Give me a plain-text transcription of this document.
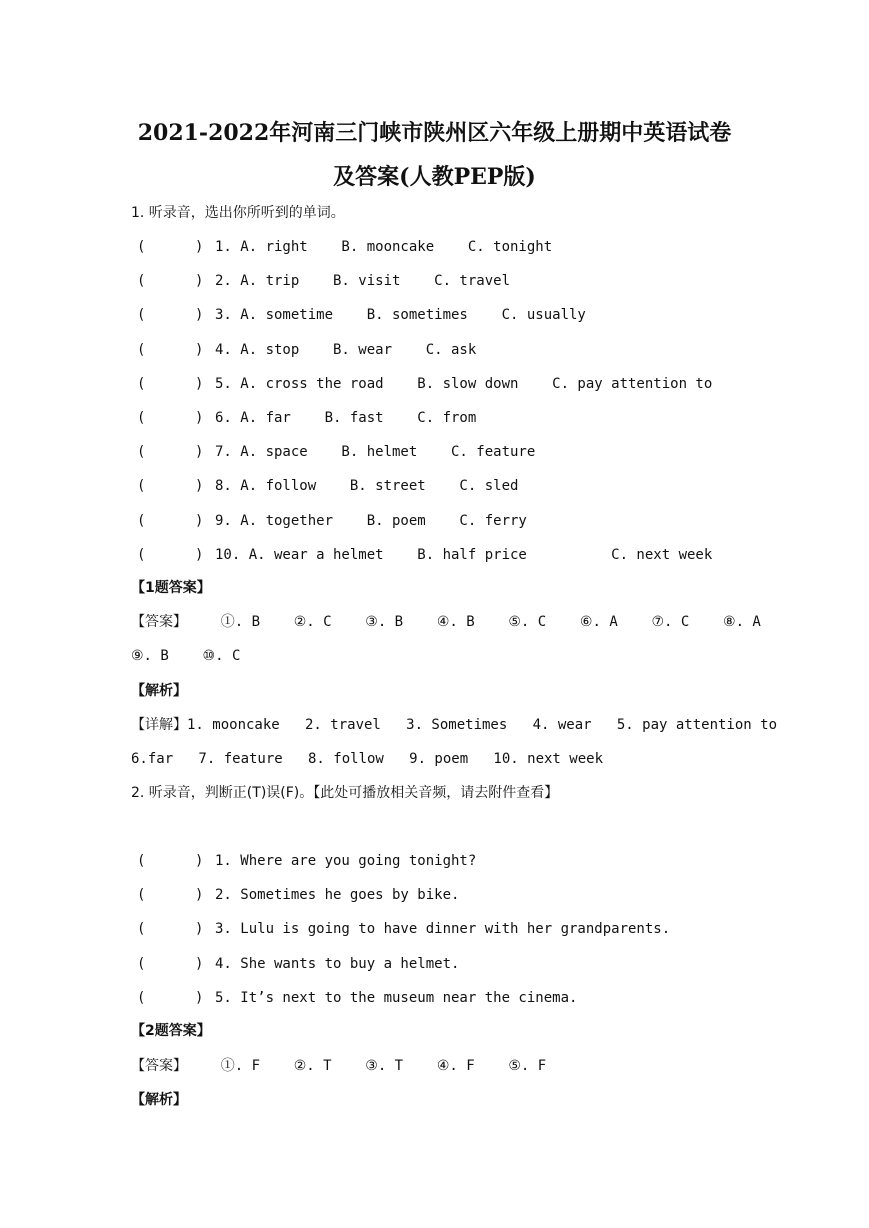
2021-2022年河南三门峡市陕州区六年级上册期中英语试卷
及答案(人教PEP版)
1. 听录音，选出你所听到的单词。
(	) 1. A. right    B. mooncake    C. tonight
(	) 2. A. trip    B. visit    C. travel
(	) 3. A. sometime    B. sometimes    C. usually
(	) 4. A. stop    B. wear    C. ask
(	) 5. A. cross the road    B. slow down    C. pay attention to
(	) 6. A. far    B. fast    C. from
(	) 7. A. space    B. helmet    C. feature
(	) 8. A. follow    B. street    C. sled
(	) 9. A. together    B. poem    C. ferry
(	) 10. A. wear a helmet    B. half price          C. next week
【1题答案】
【答案】    ①. B    ②. C    ③. B    ④. B    ⑤. C    ⑥. A    ⑦. C    ⑧. A
⑨. B    ⑩. C
【解析】
【详解】1. mooncake   2. travel   3. Sometimes   4. wear   5. pay attention to
6.far   7. feature   8. follow   9. poem   10. next week
2. 听录音，判断正(T)误(F)。【此处可播放相关音频，请去附件查看】
(	) 1. Where are you going tonight?
(	) 2. Sometimes he goes by bike.
(	) 3. Lulu is going to have dinner with her grandparents.
(	) 4. She wants to buy a helmet.
(	) 5. It’s next to the museum near the cinema.
【2题答案】
【答案】    ①. F    ②. T    ③. T    ④. F    ⑤. F
【解析】
